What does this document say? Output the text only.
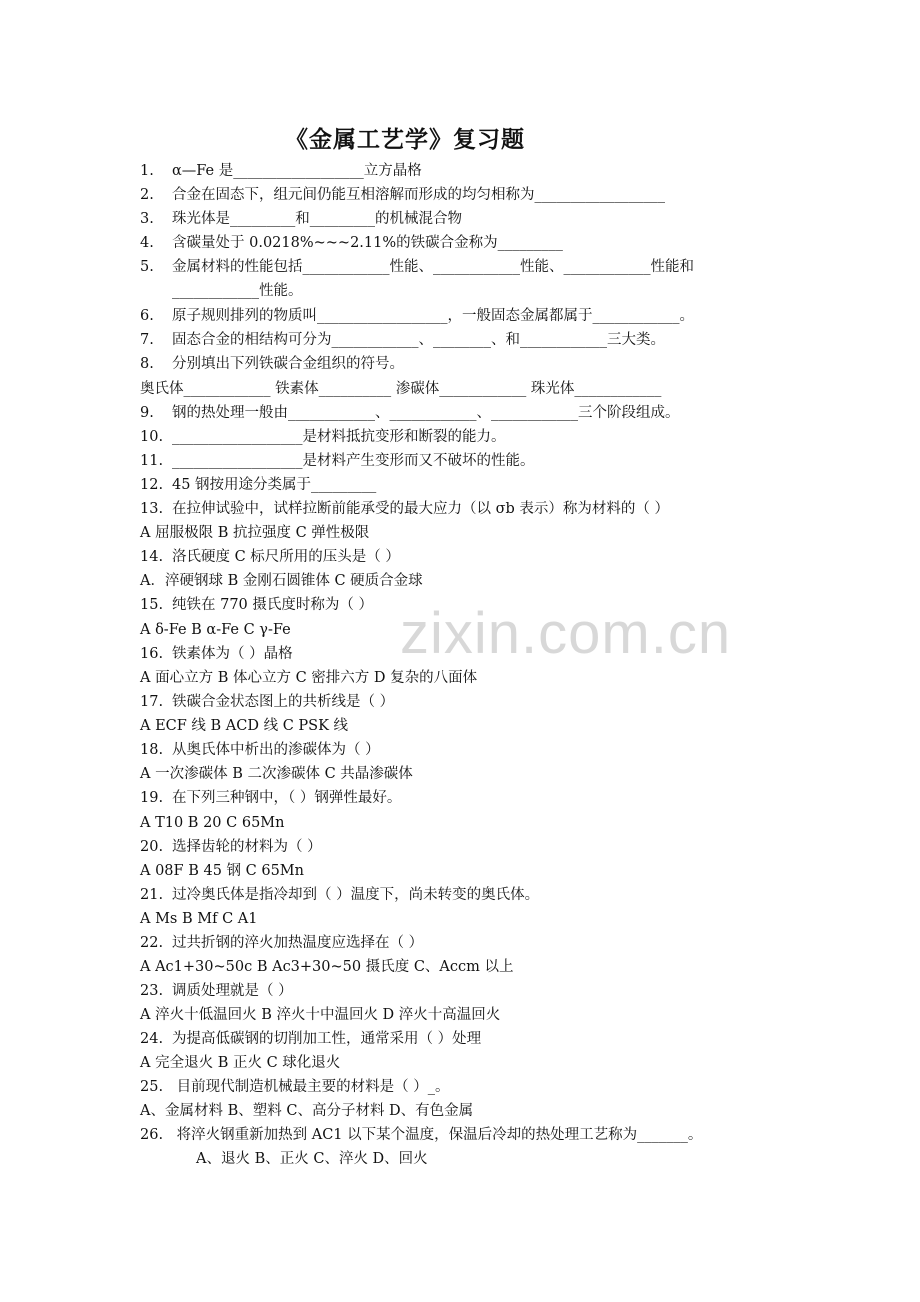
《金属工艺学》复习题
1. α—Fe 是__________________立方晶格
2. 合金在固态下，组元间仍能互相溶解而形成的均匀相称为__________________
3. 珠光体是_________和_________的机械混合物
4. 含碳量处于 0.0218%~~~2.11%的铁碳合金称为_________
5. 金属材料的性能包括____________性能、____________性能、____________性能和
____________性能。
6. 原子规则排列的物质叫__________________，一般固态金属都属于____________。
7. 固态合金的相结构可分为____________、________、和____________三大类。
8. 分别填出下列铁碳合金组织的符号。
奥氏体____________ 铁素体__________ 渗碳体____________ 珠光体____________
9. 钢的热处理一般由____________、____________、____________三个阶段组成。
10. __________________是材料抵抗变形和断裂的能力。
11. __________________是材料产生变形而又不破坏的性能。
12. 45 钢按用途分类属于_________
13. 在拉伸试验中，试样拉断前能承受的最大应力（以 σb 表示）称为材料的（ ）
A 屈服极限 B 抗拉强度 C 弹性极限
14. 洛氏硬度 C 标尺所用的压头是（ ）
A．淬硬钢球 B 金刚石圆锥体 C 硬质合金球
15. 纯铁在 770 摄氏度时称为（ ）
A δ-Fe B α-Fe C γ-Fe
16. 铁素体为（ ）晶格
A 面心立方 B 体心立方 C 密排六方 D 复杂的八面体
17. 铁碳合金状态图上的共析线是（ ）
A ECF 线 B ACD 线 C PSK 线
18. 从奥氏体中析出的渗碳体为（ ）
A 一次渗碳体 B 二次渗碳体 C 共晶渗碳体
19. 在下列三种钢中，（ ）钢弹性最好。
A T10 B 20 C 65Mn
20. 选择齿轮的材料为（ ）
A 08F B 45 钢 C 65Mn
21. 过冷奥氏体是指冷却到（ ）温度下，尚未转变的奥氏体。
A Ms B Mf C A1
22. 过共折钢的淬火加热温度应选择在（ ）
A Ac1+30~50c B Ac3+30~50 摄氏度 C、Accm 以上
23. 调质处理就是（ ）
A 淬火十低温回火 B 淬火十中温回火 D 淬火十高温回火
24. 为提高低碳钢的切削加工性，通常采用（ ）处理
A 完全退火 B 正火 C 球化退火
25. 目前现代制造机械最主要的材料是（ ）_。
A、金属材料 B、塑料 C、高分子材料 D、有色金属
26. 将淬火钢重新加热到 AC1 以下某个温度，保温后冷却的热处理工艺称为_______。
A、退火 B、正火 C、淬火 D、回火
zixin.com.cn
